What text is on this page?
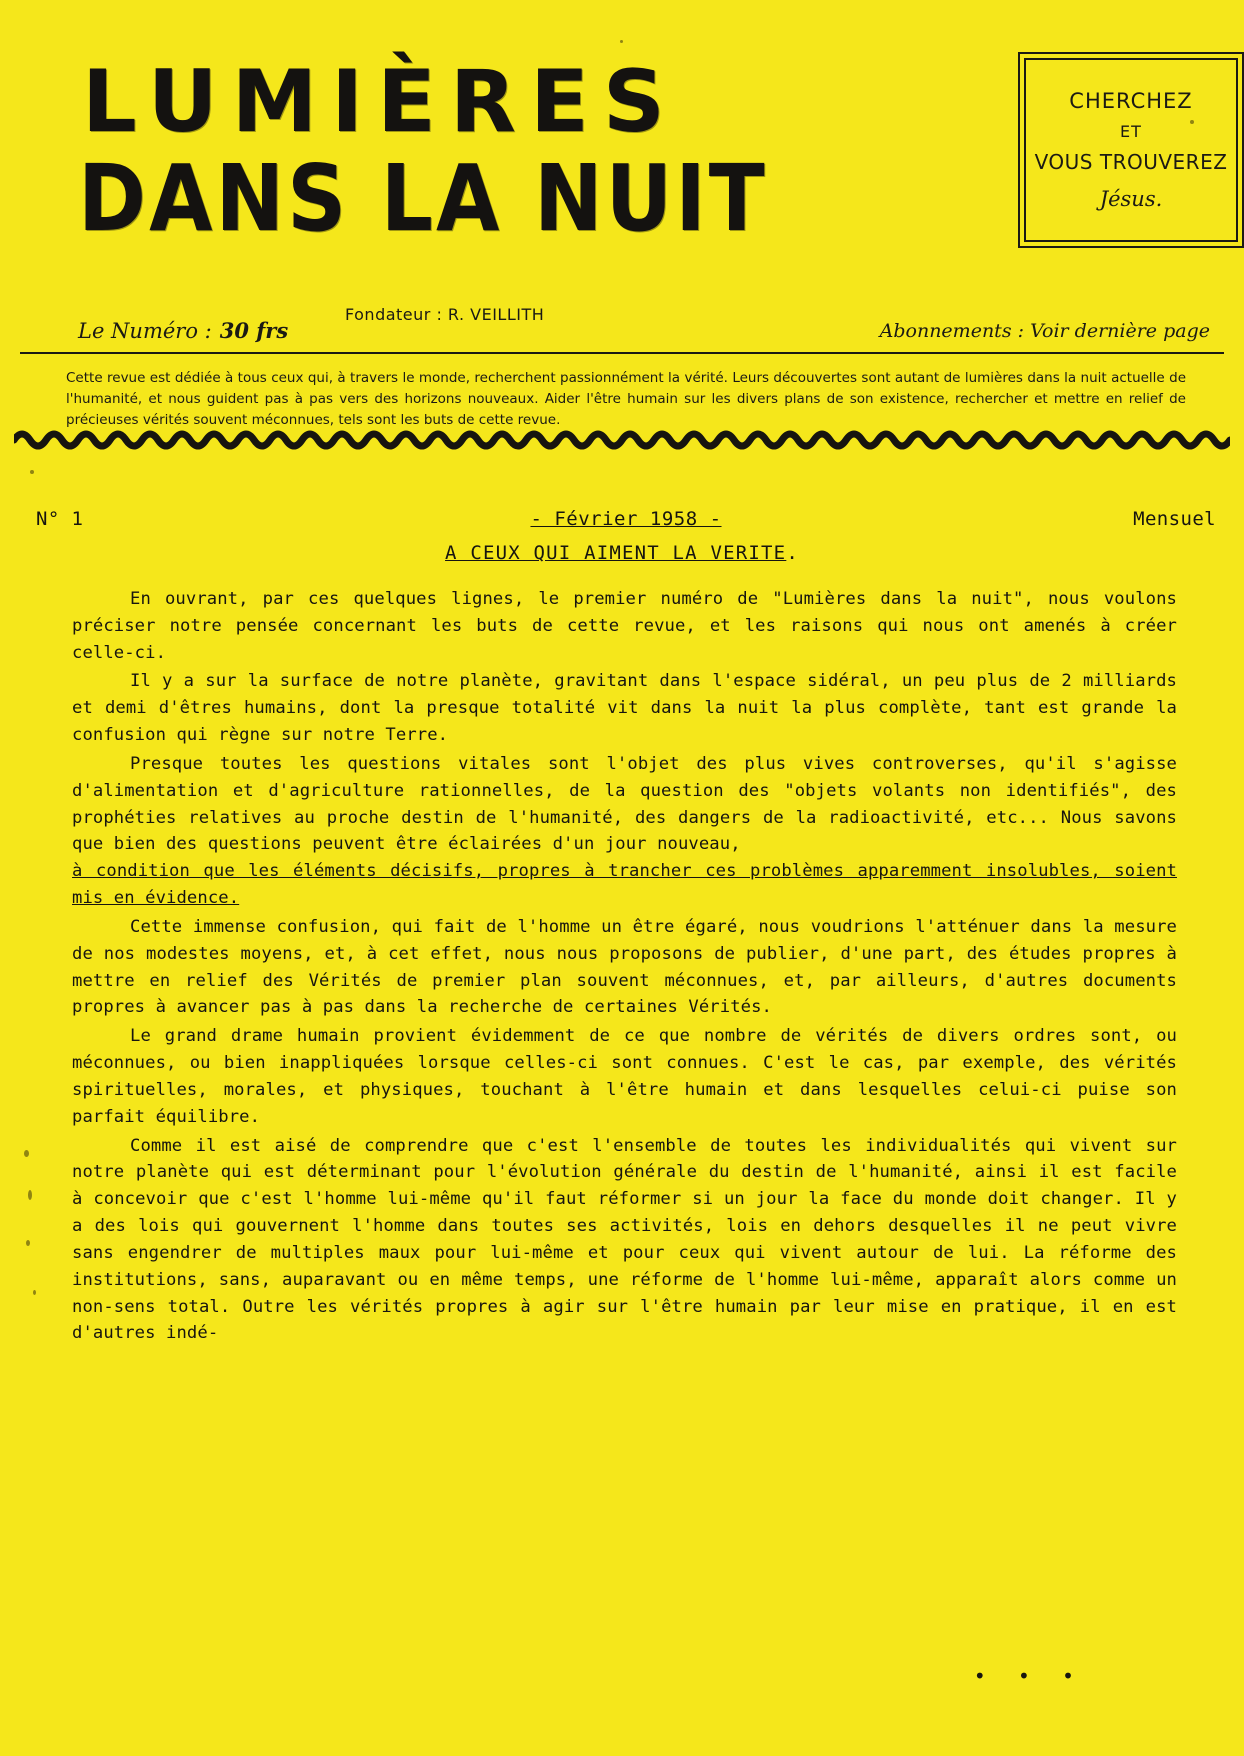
LUMIÈRES
DANS LA NUIT
CHERCHEZ
ET
VOUS TROUVEREZ
Jésus.
Fondateur : R. VEILLITH
Le Numéro : 30 frs	Abonnements : Voir dernière page
Cette revue est dédiée à tous ceux qui, à travers le monde, recherchent passionnément la vérité. Leurs découvertes sont autant de lumières dans la nuit actuelle de l'humanité, et nous guident pas à pas vers des horizons nouveaux. Aider l'être humain sur les divers plans de son existence, rechercher et mettre en relief de précieuses vérités souvent méconnues, tels sont les buts de cette revue.
N° 1	- Février 1958 -	Mensuel
A CEUX QUI AIMENT LA VERITE.

En ouvrant, par ces quelques lignes, le premier numéro de "Lumières dans la nuit", nous voulons préciser notre pensée concernant les buts de cette revue, et les raisons qui nous ont amenés à créer celle-ci.

Il y a sur la surface de notre planète, gravitant dans l'espace sidéral, un peu plus de 2 milliards et demi d'êtres humains, dont la presque totalité vit dans la nuit la plus complète, tant est grande la confusion qui règne sur notre Terre.

Presque toutes les questions vitales sont l'objet des plus vives controverses, qu'il s'agisse d'alimentation et d'agriculture rationnelles, de la question des "objets volants non identifiés", des prophéties relatives au proche destin de l'humanité, des dangers de la radioactivité, etc... Nous savons que bien des questions peuvent être éclairées d'un jour nouveau,

à condition que les éléments décisifs, propres à trancher ces problèmes apparemment insolubles, soient mis en évidence.

Cette immense confusion, qui fait de l'homme un être égaré, nous voudrions l'atténuer dans la mesure de nos modestes moyens, et, à cet effet, nous nous proposons de publier, d'une part, des études propres à mettre en relief des Vérités de premier plan souvent méconnues, et, par ailleurs, d'autres documents propres à avancer pas à pas dans la recherche de certaines Vérités.

Le grand drame humain provient évidemment de ce que nombre de vérités de divers ordres sont, ou méconnues, ou bien inappliquées lorsque celles-ci sont connues. C'est le cas, par exemple, des vérités spirituelles, morales, et physiques, touchant à l'être humain et dans lesquelles celui-ci puise son parfait équilibre.

Comme il est aisé de comprendre que c'est l'ensemble de toutes les individualités qui vivent sur notre planète qui est déterminant pour l'évolution générale du destin de l'humanité, ainsi il est facile à concevoir que c'est l'homme lui-même qu'il faut réformer si un jour la face du monde doit changer. Il y a des lois qui gouvernent l'homme dans toutes ses activités, lois en dehors desquelles il ne peut vivre sans engendrer de multiples maux pour lui-même et pour ceux qui vivent autour de lui. La réforme des institutions, sans, auparavant ou en même temps, une réforme de l'homme lui-même, apparaît alors comme un non-sens total. Outre les vérités propres à agir sur l'être humain par leur mise en pratique, il en est d'autres indé-

• • •
